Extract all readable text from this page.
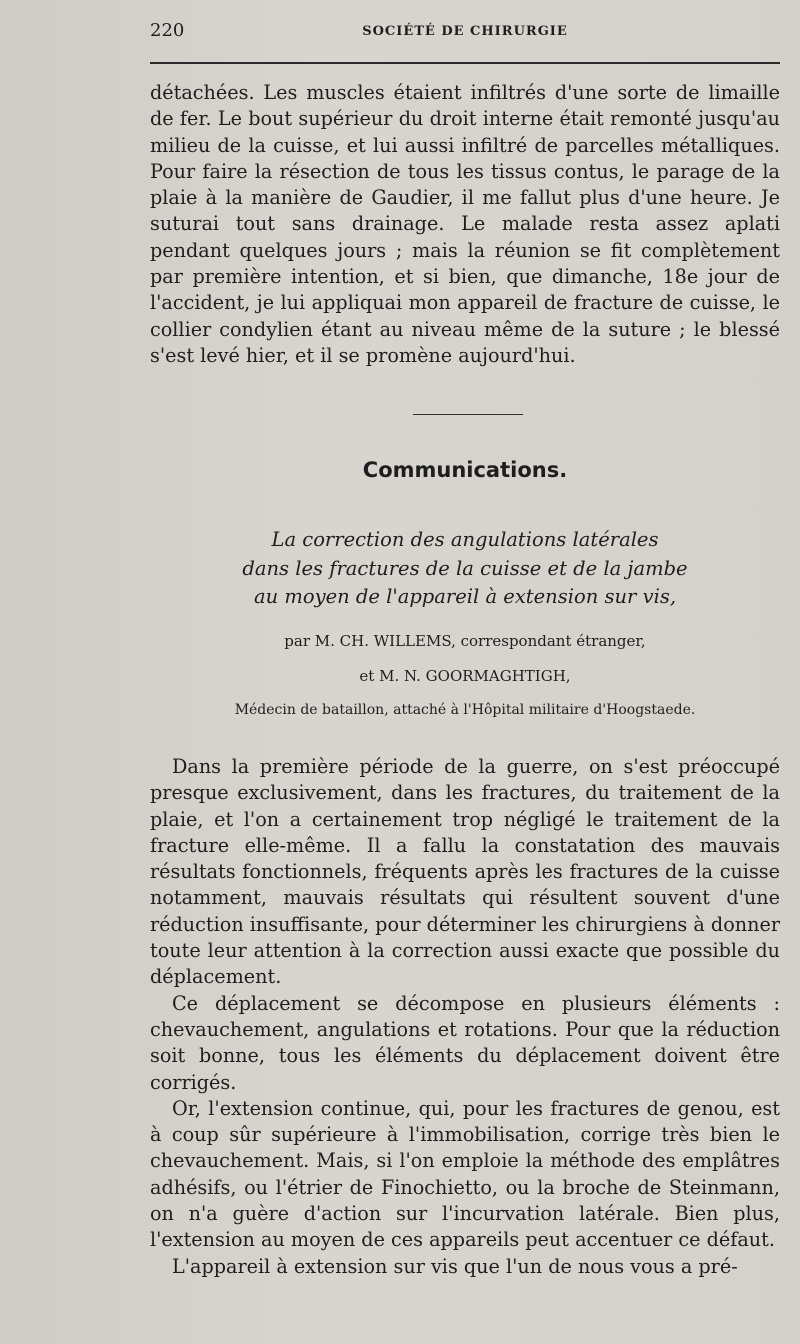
220	SOCIÉTÉ DE CHIRURGIE

détachées. Les muscles étaient infiltrés d'une sorte de limaille de fer. Le bout supérieur du droit interne était remonté jusqu'au milieu de la cuisse, et lui aussi infiltré de parcelles métalliques. Pour faire la résection de tous les tissus contus, le parage de la plaie à la manière de Gaudier, il me fallut plus d'une heure. Je suturai tout sans drainage. Le malade resta assez aplati pendant quelques jours ; mais la réunion se fit complètement par première intention, et si bien, que dimanche, 18e jour de l'accident, je lui appliquai mon appareil de fracture de cuisse, le collier condylien étant au niveau même de la suture ; le blessé s'est levé hier, et il se promène aujourd'hui.

Communications.
La correction des angulations latérales
dans les fractures de la cuisse et de la jambe
au moyen de l'appareil à extension sur vis,
par M. CH. WILLEMS, correspondant étranger,
et M. N. GOORMAGHTIGH,
Médecin de bataillon, attaché à l'Hôpital militaire d'Hoogstaede.

Dans la première période de la guerre, on s'est préoccupé presque exclusivement, dans les fractures, du traitement de la plaie, et l'on a certainement trop négligé le traitement de la fracture elle-même. Il a fallu la constatation des mauvais résultats fonctionnels, fréquents après les fractures de la cuisse notamment, mauvais résultats qui résultent souvent d'une réduction insuffisante, pour déterminer les chirurgiens à donner toute leur attention à la correction aussi exacte que possible du déplacement.

Ce déplacement se décompose en plusieurs éléments : chevauchement, angulations et rotations. Pour que la réduction soit bonne, tous les éléments du déplacement doivent être corrigés.

Or, l'extension continue, qui, pour les fractures de genou, est à coup sûr supérieure à l'immobilisation, corrige très bien le chevauchement. Mais, si l'on emploie la méthode des emplâtres adhésifs, ou l'étrier de Finochietto, ou la broche de Steinmann, on n'a guère d'action sur l'incurvation latérale. Bien plus, l'extension au moyen de ces appareils peut accentuer ce défaut.

L'appareil à extension sur vis que l'un de nous vous a pré-
